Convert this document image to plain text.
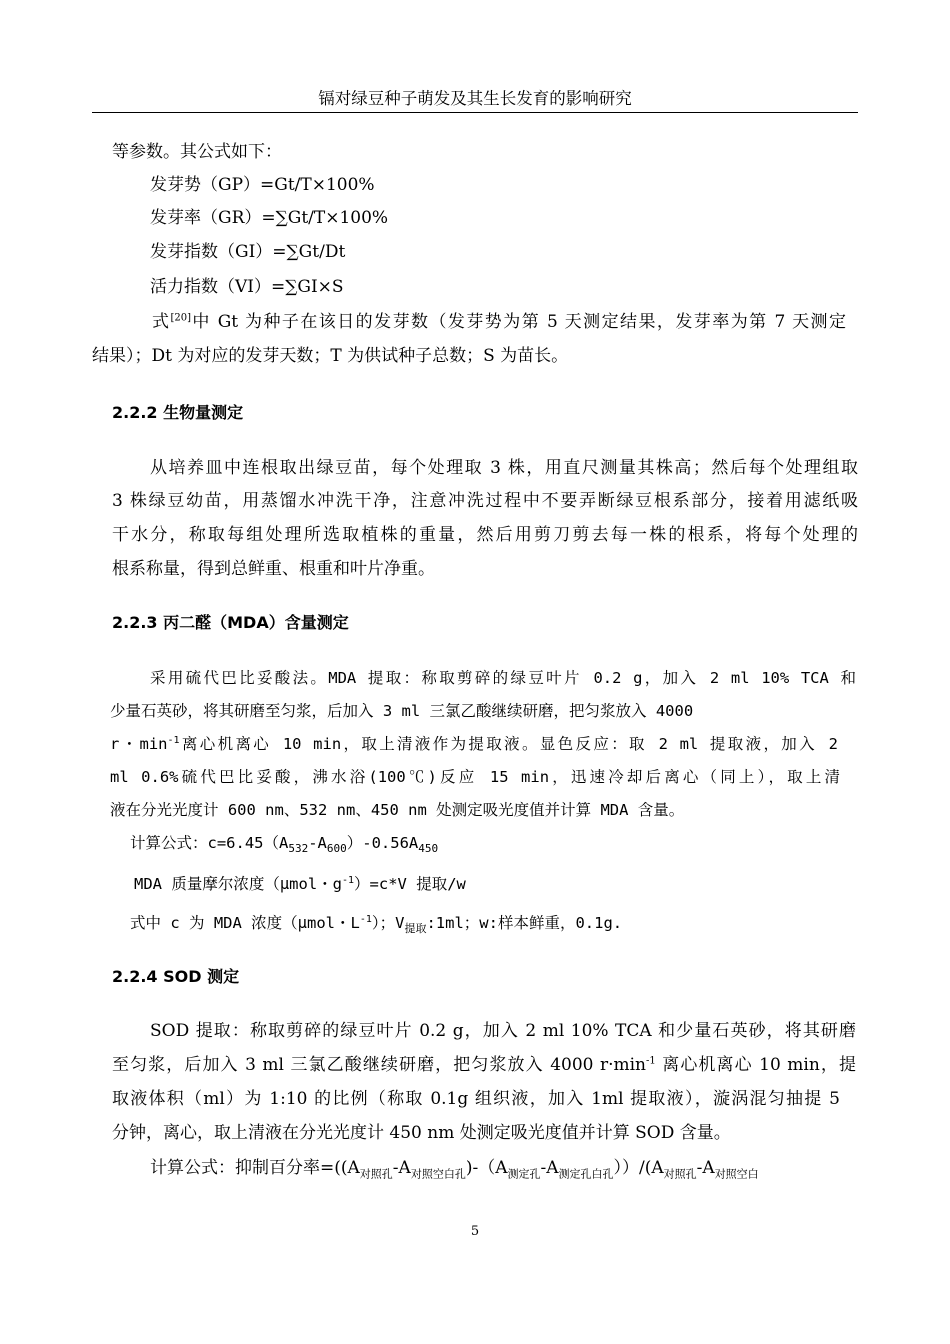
镉对绿豆种子萌发及其生长发育的影响研究
等参数。其公式如下：
发芽势（GP）=Gt/T×100%
发芽率（GR）=∑Gt/T×100%
发芽指数（GI）=∑Gt/Dt
活力指数（VI）=∑GI×S
式[20]中 Gt 为种子在该日的发芽数（发芽势为第 5 天测定结果，发芽率为第 7 天测定
结果）；Dt 为对应的发芽天数；T 为供试种子总数；S 为苗长。
2.2.2 生物量测定
从培养皿中连根取出绿豆苗，每个处理取 3 株，用直尺测量其株高；然后每个处理组取
3 株绿豆幼苗，用蒸馏水冲洗干净，注意冲洗过程中不要弄断绿豆根系部分，接着用滤纸吸
干水分，称取每组处理所选取植株的重量，然后用剪刀剪去每一株的根系，将每个处理的
根系称量，得到总鲜重、根重和叶片净重。
2.2.3 丙二醛（MDA）含量测定
采用硫代巴比妥酸法。MDA 提取：称取剪碎的绿豆叶片 0.2 g，加入 2 ml 10% TCA 和
少量石英砂，将其研磨至匀浆，后加入 3 ml 三氯乙酸继续研磨，把匀浆放入 4000
r・$\min^{-1}$离心机离心 10 min，取上清液作为提取液。显色反应：取 2 ml 提取液，加入 2
ml 0.6%硫代巴比妥酸，沸水浴(100℃)反应 15 min，迅速冷却后离心（同上），取上清
液在分光光度计 600 nm、532 nm、450 nm 处测定吸光度值并计算 MDA 含量。
计算公式：$c=6.45(A_{532}-A_{600})-0.56A_{450}$
MDA 质量摩尔浓度（μmol・$g^{-1})=c*V$ 提取/w
式中 c 为 MDA 浓度（μmol・$L^{-1}$）；$V_{提取}:1ml$；w:样本鲜重，0.1g.
2.2.4 SOD 测定
SOD 提取：称取剪碎的绿豆叶片 0.2 g，加入 2 ml 10% TCA 和少量石英砂，将其研磨
至匀浆，后加入 3 ml 三氯乙酸继续研磨，把匀浆放入 4000 $r\cdot\min^{-1}$ 离心机离心 10 min，提
取液体积（ml）为 1:10 的比例（称取 0.1g 组织液，加入 1ml 提取液），漩涡混匀抽提 5
分钟，离心，取上清液在分光光度计 450 nm 处测定吸光度值并计算 SOD 含量。
计算公式：抑制百分率$=((A_{对照孔}-A_{对照空白孔})-(A_{测定孔}-A_{测定孔白孔}))/(A_{对照孔}-A_{对照空白}$
5
